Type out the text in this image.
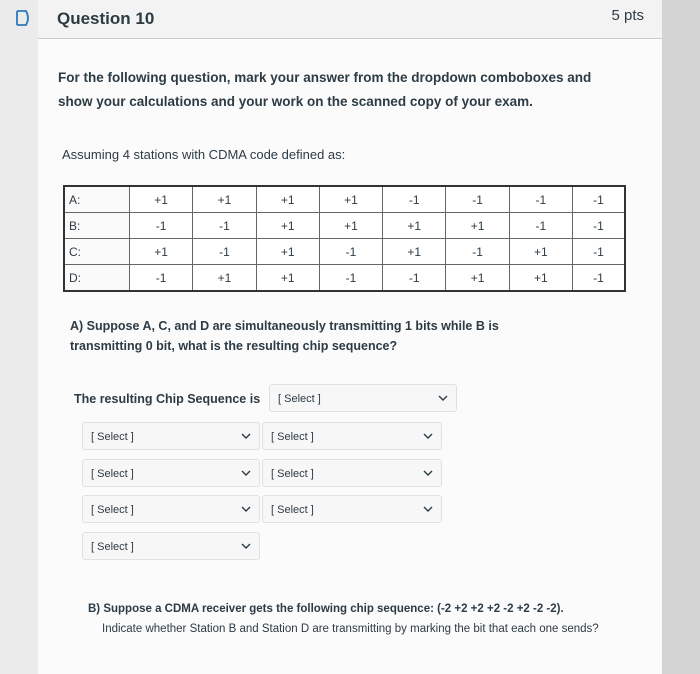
Question 10	5 pts
For the following question, mark your answer from the dropdown comboboxes and show your calculations and your work on the scanned copy of your exam.
Assuming 4 stations with CDMA code defined as:
A:	+1	+1	+1	+1	-1	-1	-1	-1
B:	-1	-1	+1	+1	+1	+1	-1	-1
C:	+1	-1	+1	-1	+1	-1	+1	-1
D:	-1	+1	+1	-1	-1	+1	+1	-1
A) Suppose A, C, and D are simultaneously transmitting 1 bits while B is transmitting 0 bit, what is the resulting chip sequence?
The resulting Chip Sequence is [ Select ]
[ Select ]	[ Select ]
[ Select ]	[ Select ]
[ Select ]	[ Select ]
[ Select ]
B) Suppose a CDMA receiver gets the following chip sequence: (-2 +2 +2 +2 -2 +2 -2 -2).
Indicate whether Station B and Station D are transmitting by marking the bit that each one sends?
